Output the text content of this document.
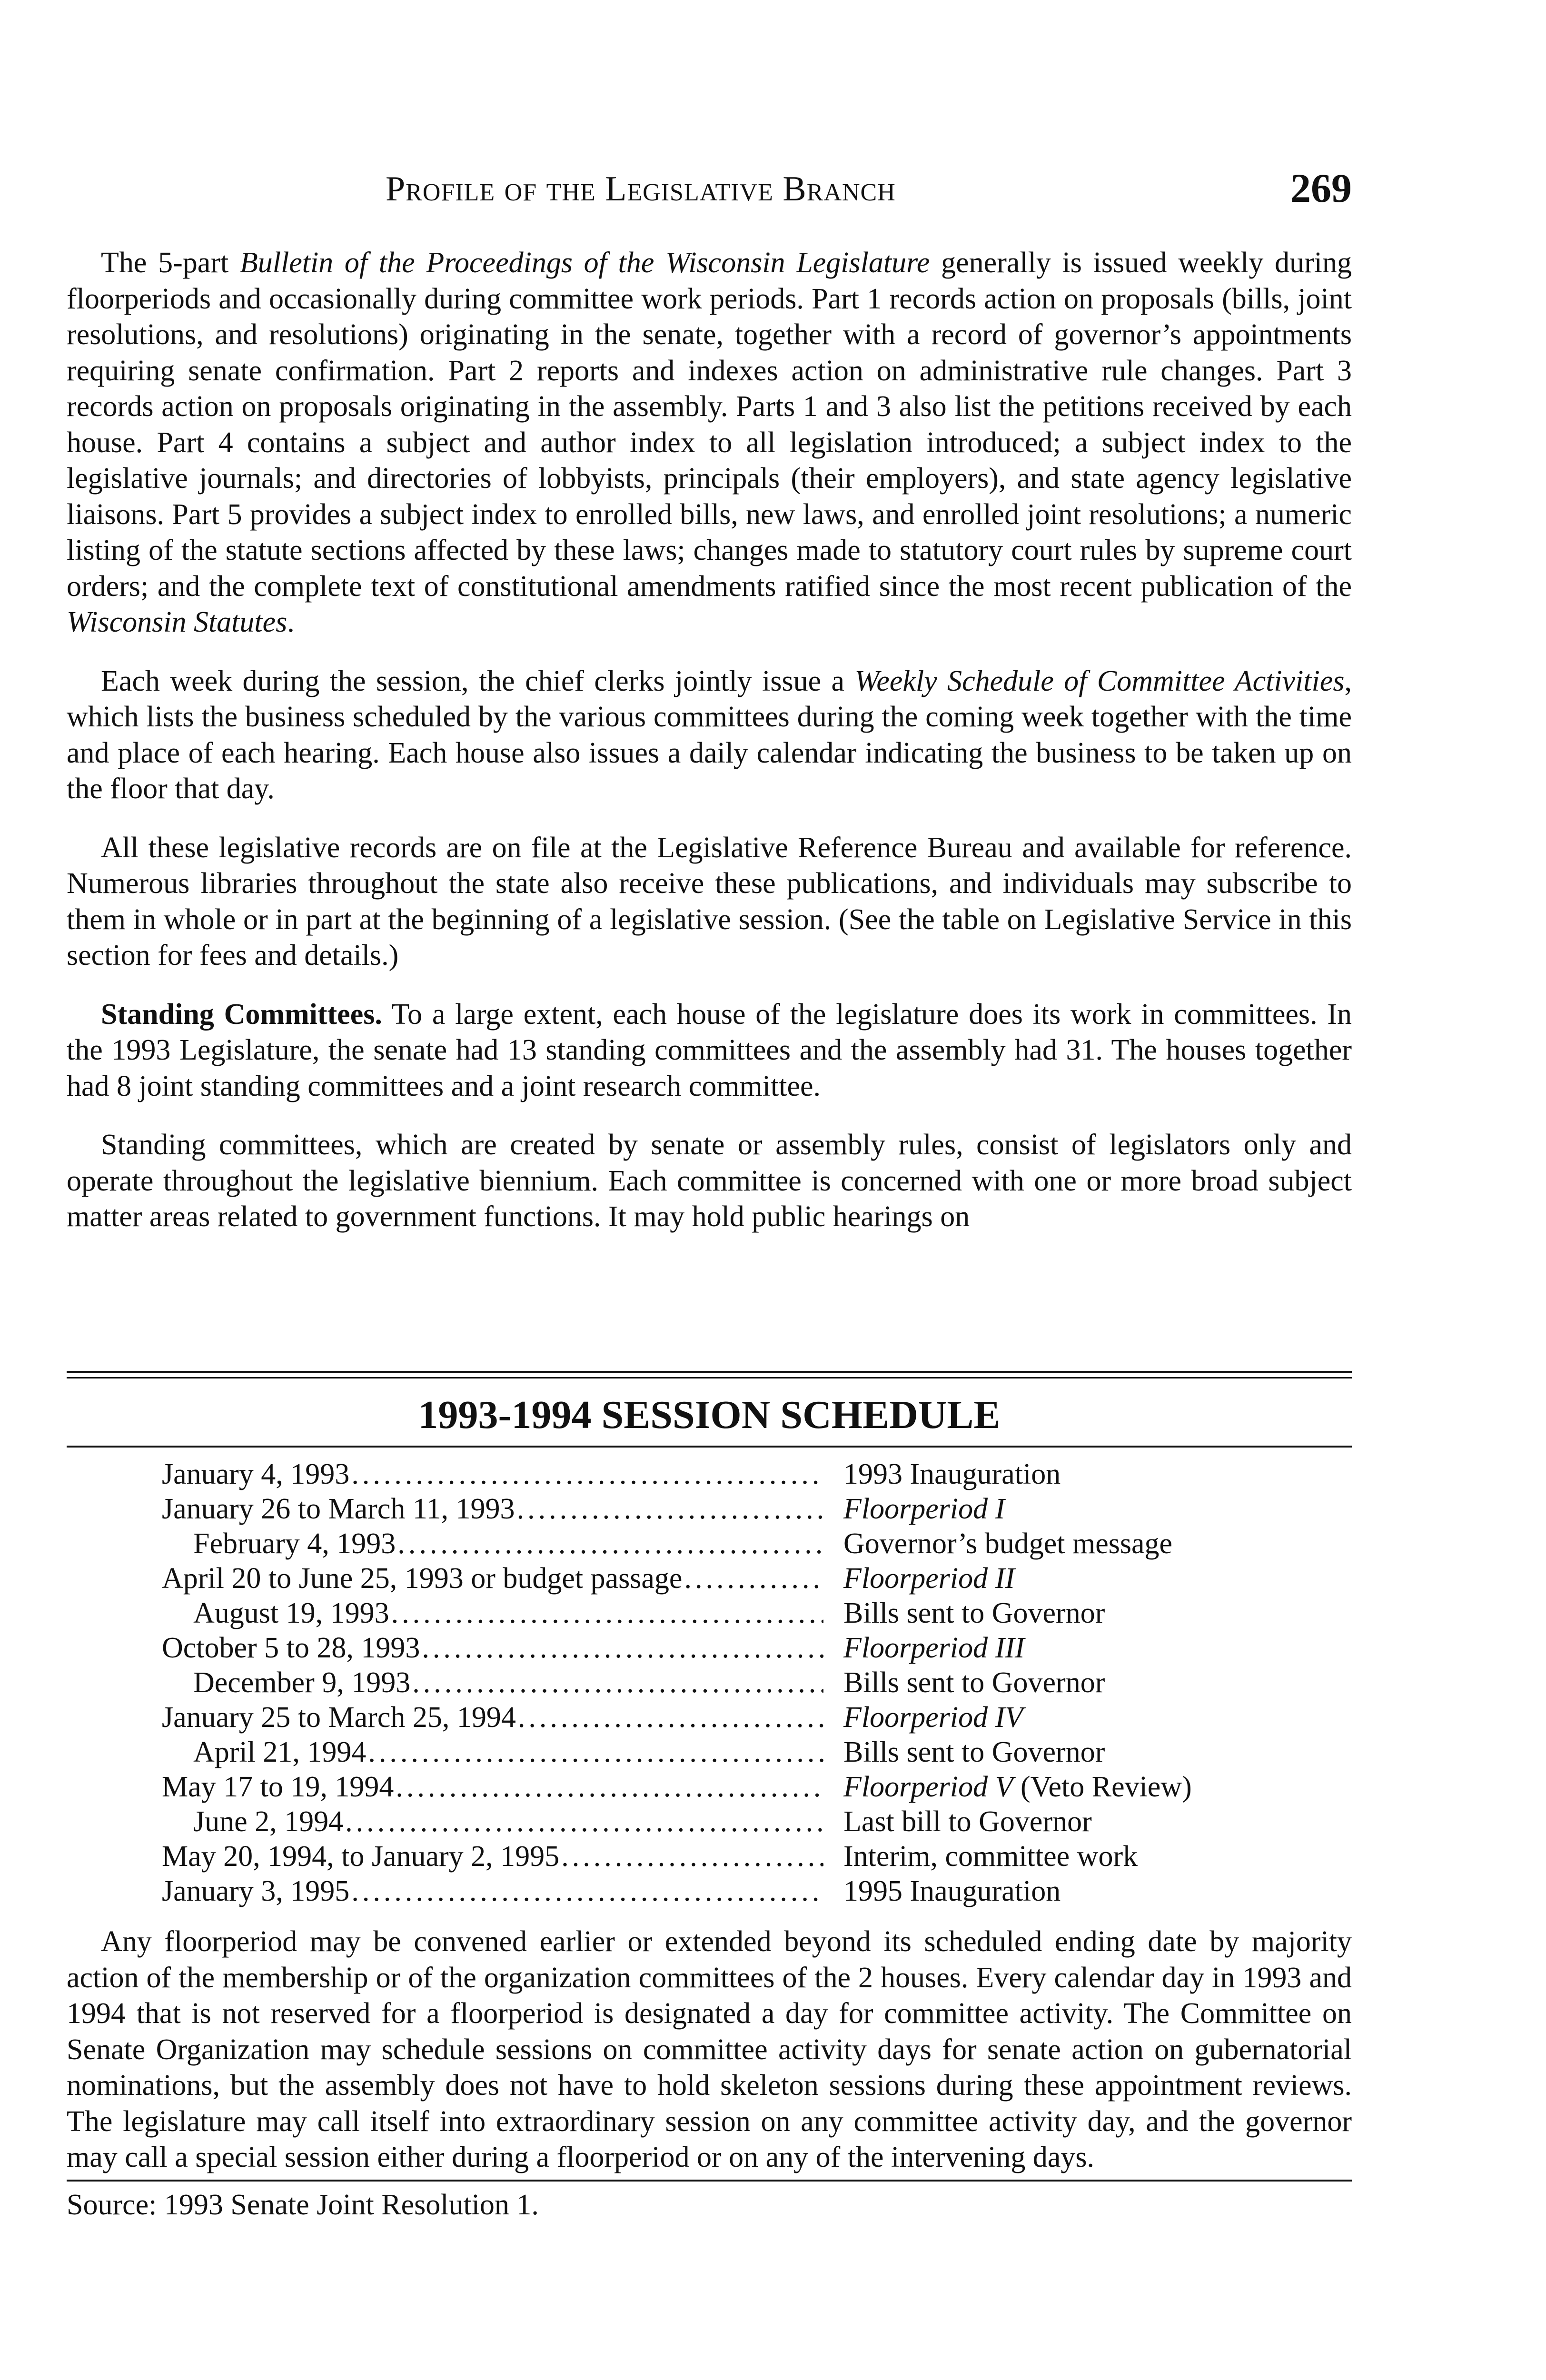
Profile of the Legislative Branch	269

The 5-part Bulletin of the Proceedings of the Wisconsin Legislature generally is issued weekly during floorperiods and occasionally during committee work periods. Part 1 records action on proposals (bills, joint resolutions, and resolutions) originating in the senate, together with a record of governor’s appointments requiring senate confirmation. Part 2 reports and indexes action on administrative rule changes. Part 3 records action on proposals originating in the assembly. Parts 1 and 3 also list the petitions received by each house. Part 4 contains a subject and author index to all legislation introduced; a subject index to the legislative journals; and directories of lobbyists, principals (their employers), and state agency legislative liaisons. Part 5 provides a subject index to enrolled bills, new laws, and enrolled joint resolutions; a numeric listing of the statute sections affected by these laws; changes made to statutory court rules by supreme court orders; and the complete text of constitutional amendments ratified since the most recent publication of the Wisconsin Statutes.

Each week during the session, the chief clerks jointly issue a Weekly Schedule of Committee Activities, which lists the business scheduled by the various committees during the coming week together with the time and place of each hearing. Each house also issues a daily calendar indicating the business to be taken up on the floor that day.

All these legislative records are on file at the Legislative Reference Bureau and available for reference. Numerous libraries throughout the state also receive these publications, and individuals may subscribe to them in whole or in part at the beginning of a legislative session. (See the table on Legislative Service in this section for fees and details.)

Standing Committees. To a large extent, each house of the legislature does its work in committees. In the 1993 Legislature, the senate had 13 standing committees and the assembly had 31. The houses together had 8 joint standing committees and a joint research committee.

Standing committees, which are created by senate or assembly rules, consist of legislators only and operate throughout the legislative biennium. Each committee is concerned with one or more broad subject matter areas related to government functions. It may hold public hearings on

1993-1994 SESSION SCHEDULE
January 4, 1993 .....	1993 Inauguration
January 26 to March 11, 1993 .....	Floorperiod I
February 4, 1993 .....	Governor’s budget message
April 20 to June 25, 1993 or budget passage .....	Floorperiod II
August 19, 1993 .....	Bills sent to Governor
October 5 to 28, 1993 .....	Floorperiod III
December 9, 1993 .....	Bills sent to Governor
January 25 to March 25, 1994 .....	Floorperiod IV
April 21, 1994 .....	Bills sent to Governor
May 17 to 19, 1994 .....	Floorperiod V (Veto Review)
June 2, 1994 .....	Last bill to Governor
May 20, 1994, to January 2, 1995 .....	Interim, committee work
January 3, 1995 .....	1995 Inauguration
Any floorperiod may be convened earlier or extended beyond its scheduled ending date by majority action of the membership or of the organization committees of the 2 houses. Every calendar day in 1993 and 1994 that is not reserved for a floorperiod is designated a day for committee activity. The Committee on Senate Organization may schedule sessions on committee activity days for senate action on gubernatorial nominations, but the assembly does not have to hold skeleton sessions during these appointment reviews. The legislature may call itself into extraordinary session on any committee activity day, and the governor may call a special session either during a floorperiod or on any of the intervening days.
Source: 1993 Senate Joint Resolution 1.
